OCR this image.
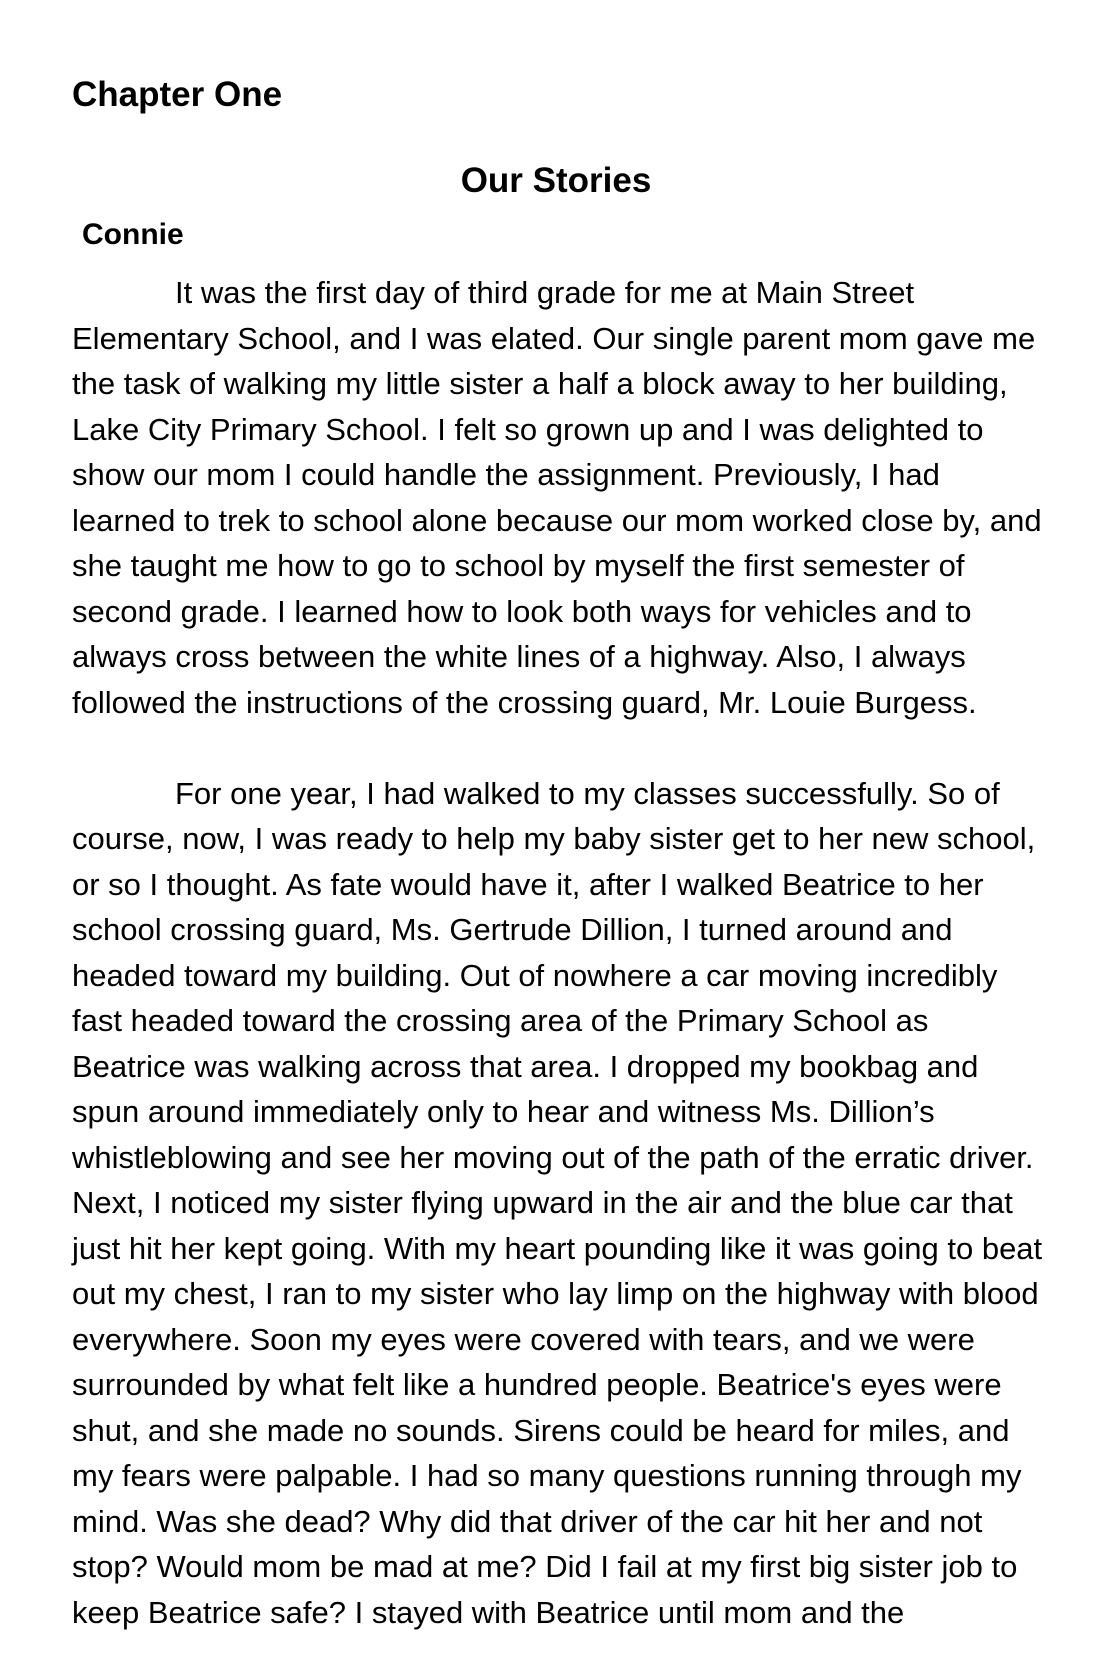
Chapter One
Our Stories
Connie
It was the first day of third grade for me at Main Street
Elementary School, and I was elated. Our single parent mom gave me
the task of walking my little sister a half a block away to her building,
Lake City Primary School. I felt so grown up and I was delighted to
show our mom I could handle the assignment. Previously, I had
learned to trek to school alone because our mom worked close by, and
she taught me how to go to school by myself the first semester of
second grade. I learned how to look both ways for vehicles and to
always cross between the white lines of a highway. Also, I always
followed the instructions of the crossing guard, Mr. Louie Burgess.
For one year, I had walked to my classes successfully. So of
course, now, I was ready to help my baby sister get to her new school,
or so I thought. As fate would have it, after I walked Beatrice to her
school crossing guard, Ms. Gertrude Dillion, I turned around and
headed toward my building. Out of nowhere a car moving incredibly
fast headed toward the crossing area of the Primary School as
Beatrice was walking across that area. I dropped my bookbag and
spun around immediately only to hear and witness Ms. Dillion’s
whistleblowing and see her moving out of the path of the erratic driver.
Next, I noticed my sister flying upward in the air and the blue car that
just hit her kept going. With my heart pounding like it was going to beat
out my chest, I ran to my sister who lay limp on the highway with blood
everywhere. Soon my eyes were covered with tears, and we were
surrounded by what felt like a hundred people. Beatrice's eyes were
shut, and she made no sounds. Sirens could be heard for miles, and
my fears were palpable. I had so many questions running through my
mind. Was she dead? Why did that driver of the car hit her and not
stop? Would mom be mad at me? Did I fail at my first big sister job to
keep Beatrice safe? I stayed with Beatrice until mom and the
